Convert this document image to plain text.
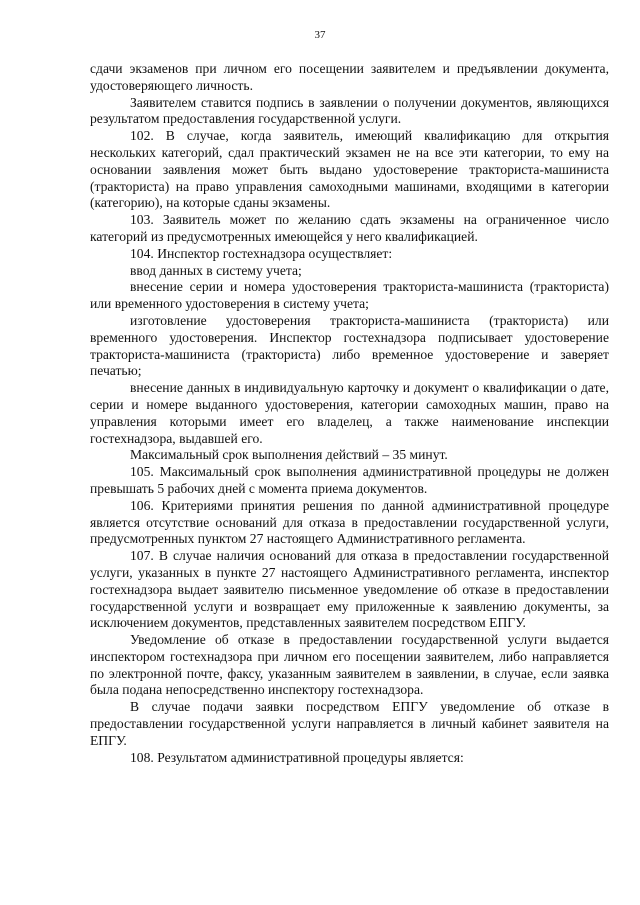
37

сдачи экзаменов при личном его посещении заявителем и предъявлении документа, удостоверяющего личность.

Заявителем ставится подпись в заявлении о получении документов, являющихся результатом предоставления государственной услуги.

102. В случае, когда заявитель, имеющий квалификацию для открытия нескольких категорий, сдал практический экзамен не на все эти категории, то ему на основании заявления может быть выдано удостоверение тракториста-машиниста (тракториста) на право управления самоходными машинами, входящими в категории (категорию), на которые сданы экзамены.

103. Заявитель может по желанию сдать экзамены на ограниченное число категорий из предусмотренных имеющейся у него квалификацией.

104. Инспектор гостехнадзора осуществляет:

ввод данных в систему учета;

внесение серии и номера удостоверения тракториста-машиниста (тракториста) или временного удостоверения в систему учета;

изготовление удостоверения тракториста-машиниста (тракториста) или временного удостоверения. Инспектор гостехнадзора подписывает удостоверение тракториста-машиниста (тракториста) либо временное удостоверение и заверяет печатью;

внесение данных в индивидуальную карточку и документ о квалификации о дате, серии и номере выданного удостоверения, категории самоходных машин, право на управления которыми имеет его владелец, а также наименование инспекции гостехнадзора, выдавшей его.

Максимальный срок выполнения действий – 35 минут.

105. Максимальный срок выполнения административной процедуры не должен превышать 5 рабочих дней с момента приема документов.

106. Критериями принятия решения по данной административной процедуре является отсутствие оснований для отказа в предоставлении государственной услуги, предусмотренных пунктом 27 настоящего Административного регламента.

107. В случае наличия оснований для отказа в предоставлении государственной услуги, указанных в пункте 27 настоящего Административного регламента, инспектор гостехнадзора выдает заявителю письменное уведомление об отказе в предоставлении государственной услуги и возвращает ему приложенные к заявлению документы, за исключением документов, представленных заявителем посредством ЕПГУ.

Уведомление об отказе в предоставлении государственной услуги выдается инспектором гостехнадзора при личном его посещении заявителем, либо направляется по электронной почте, факсу, указанным заявителем в заявлении, в случае, если заявка была подана непосредственно инспектору гостехнадзора.

В случае подачи заявки посредством ЕПГУ уведомление об отказе в предоставлении государственной услуги направляется в личный кабинет заявителя на ЕПГУ.

108. Результатом административной процедуры является:
